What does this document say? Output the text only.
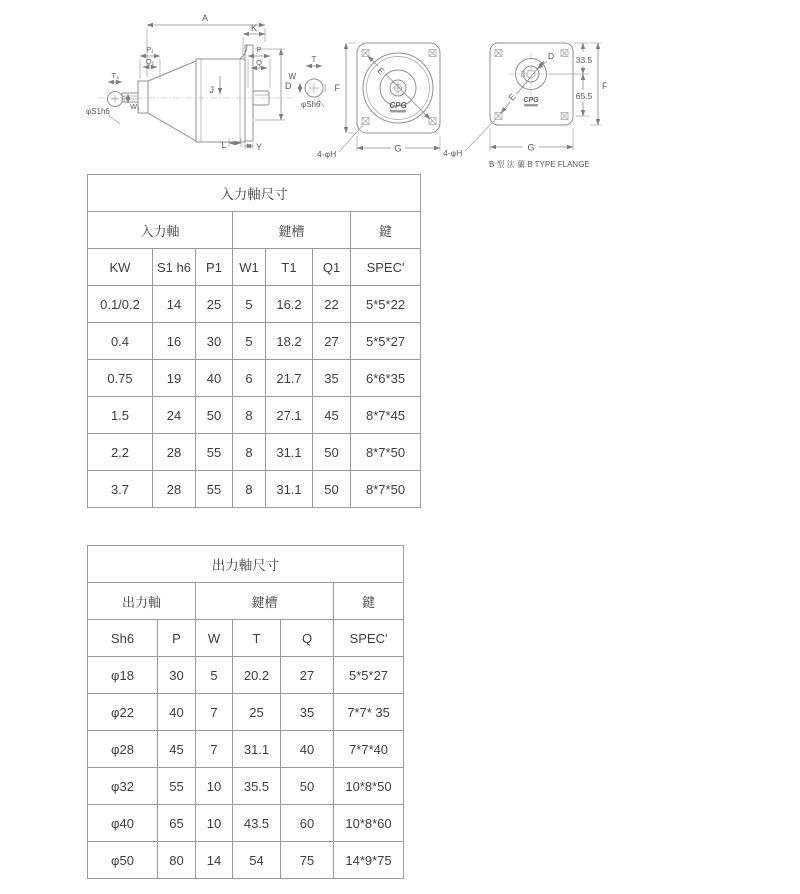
A
K
P₁
Q₁
P
Q
J	D
L	Y
T₁
W₁
φS1h6
T
W
φSh6	CPG
E
F
G
4-φH
CPG
D
E
33.5
65.5
F
G
4-φH
B 型 法 蘭 B TYPE FLANGE
入力軸尺寸						
入力軸			鍵槽			鍵
KW	S1 h6	P1	W1	T1	Q1	SPEC'
0.1/0.2	14	25	5	16.2	22	5*5*22
0.4	16	30	5	18.2	27	5*5*27
0.75	19	40	6	21.7	35	6*6*35
1.5	24	50	8	27.1	45	8*7*45
2.2	28	55	8	31.1	50	8*7*50
3.7	28	55	8	31.1	50	8*7*50
出力軸尺寸					
出力軸		鍵槽			鍵
Sh6	P	W	T	Q	SPEC'
φ18	30	5	20.2	27	5*5*27
φ22	40	7	25	35	7*7* 35
φ28	45	7	31.1	40	7*7*40
φ32	55	10	35.5	50	10*8*50
φ40	65	10	43.5	60	10*8*60
φ50	80	14	54	75	14*9*75
